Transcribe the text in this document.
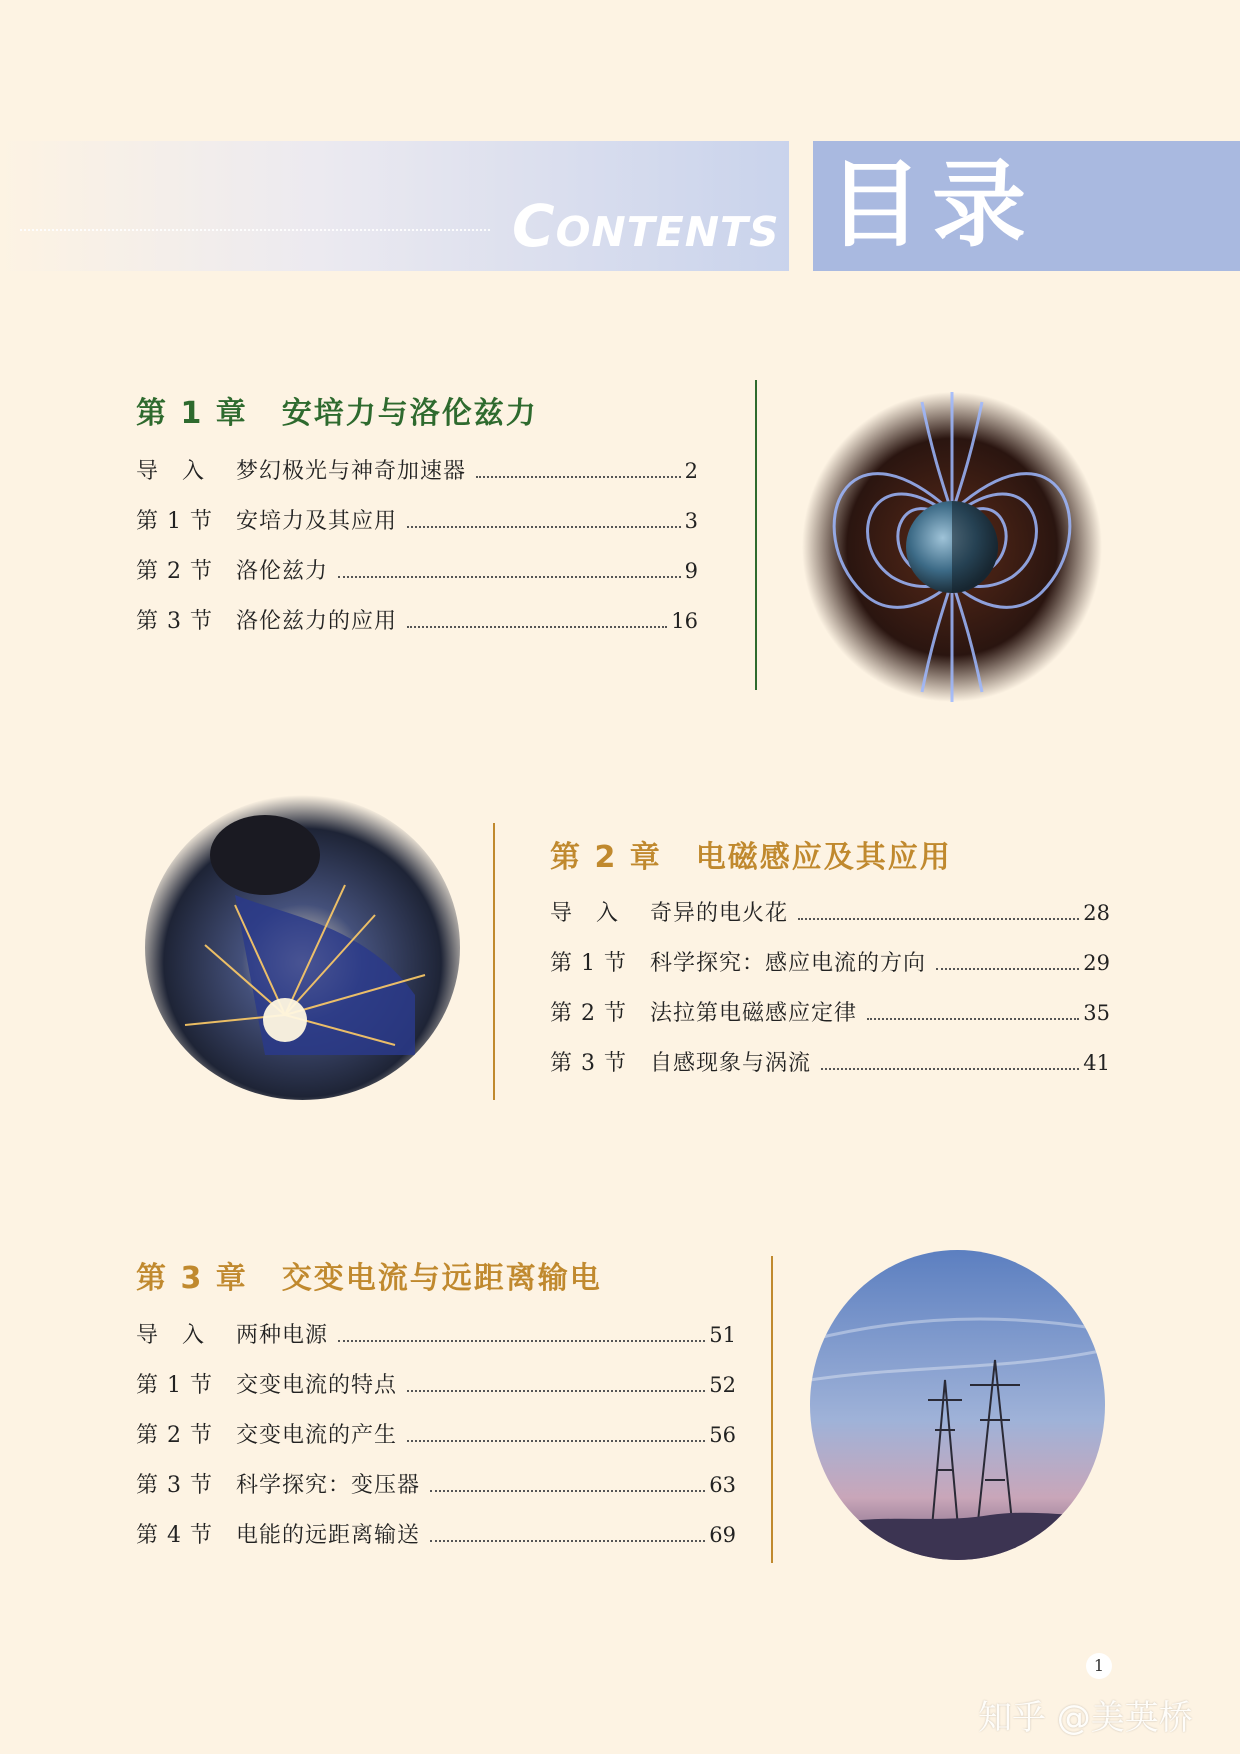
Contents 目录
第 1 章 安培力与洛伦兹力
导　入	梦幻极光与神奇加速器	2
第 1 节	安培力及其应用	3
第 2 节	洛伦兹力	9
第 3 节	洛伦兹力的应用	16
第 2 章 电磁感应及其应用
导　入	奇异的电火花	28
第 1 节	科学探究：感应电流的方向	29
第 2 节	法拉第电磁感应定律	35
第 3 节	自感现象与涡流	41
第 3 章 交变电流与远距离输电
导　入	两种电源	51
第 1 节	交变电流的特点	52
第 2 节	交变电流的产生	56
第 3 节	科学探究：变压器	63
第 4 节	电能的远距离输送	69
1
知乎 @美英桥
